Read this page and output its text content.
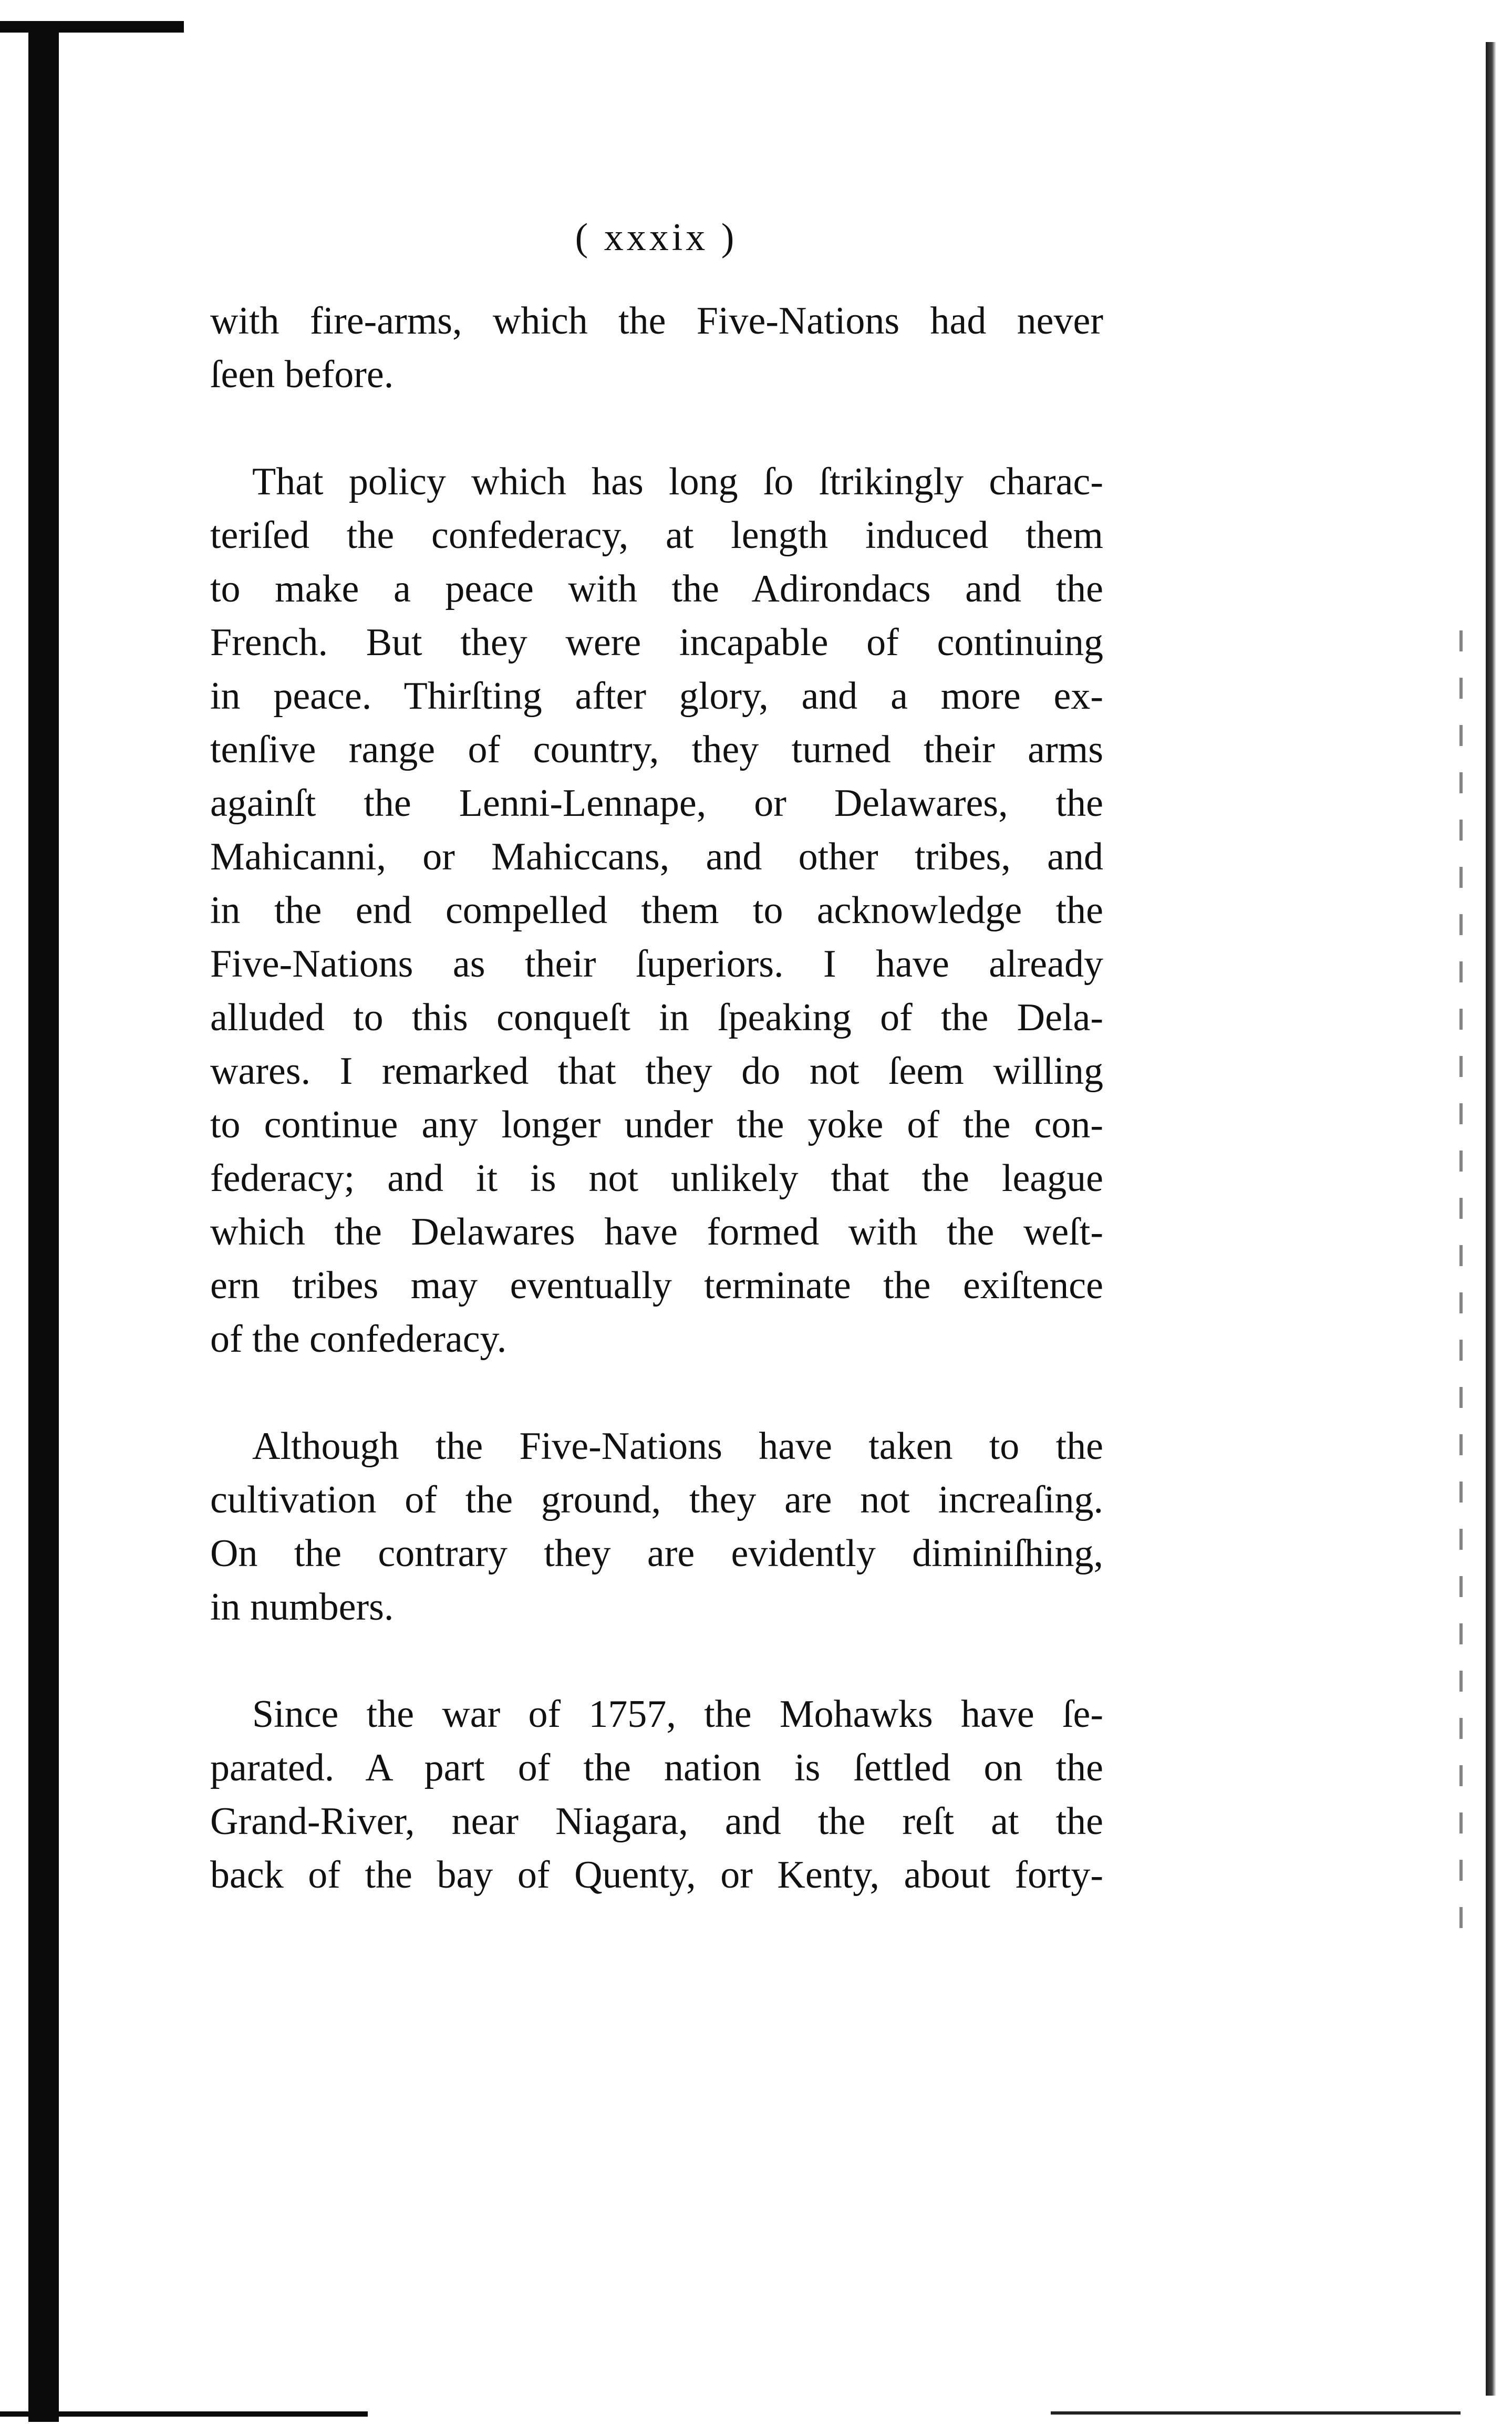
( xxxix )
with fire-arms, which the Five-Nations had never
ſeen before.
That policy which has long ſo ſtrikingly charac-
teriſed the confederacy, at length induced them
to make a peace with the Adirondacs and the
French. But they were incapable of continuing
in peace. Thirſting after glory, and a more ex-
tenſive range of country, they turned their arms
againſt the Lenni-Lennape, or Delawares, the
Mahicanni, or Mahiccans, and other tribes, and
in the end compelled them to acknowledge the
Five-Nations as their ſuperiors. I have already
alluded to this conqueſt in ſpeaking of the Dela-
wares. I remarked that they do not ſeem willing
to continue any longer under the yoke of the con-
federacy; and it is not unlikely that the league
which the Delawares have formed with the weſt-
ern tribes may eventually terminate the exiſtence
of the confederacy.
Although the Five-Nations have taken to the
cultivation of the ground, they are not increaſing.
On the contrary they are evidently diminiſhing,
in numbers.
Since the war of 1757, the Mohawks have ſe-
parated. A part of the nation is ſettled on the
Grand-River, near Niagara, and the reſt at the
back of the bay of Quenty, or Kenty, about forty-
